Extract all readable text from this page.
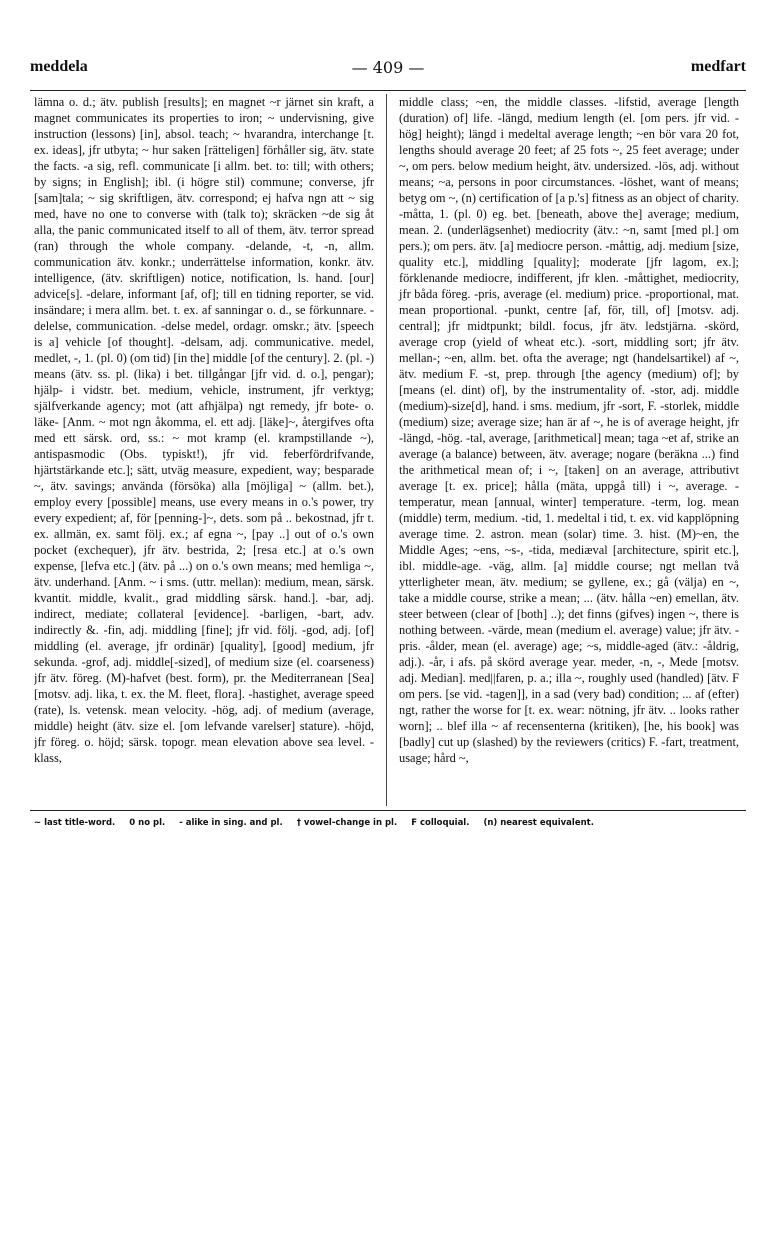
meddela	— 409 —	medfart

lämna o. d.; ätv. publish [results]; en magnet ~r järnet sin kraft, a magnet communicates its properties to iron; ~ undervisning, give instruction (lessons) [in], absol. teach; ~ hvarandra, interchange [t. ex. ideas], jfr utbyta; ~ hur saken [rätteligen] förhåller sig, ätv. state the facts. -a sig, refl. communicate [i allm. bet. to: till; with others; by signs; in English]; ibl. (i högre stil) commune; converse, jfr [sam]tala; ~ sig skriftligen, ätv. correspond; ej hafva ngn att ~ sig med, have no one to converse with (talk to); skräcken ~de sig åt alla, the panic communicated itself to all of them, ätv. terror spread (ran) through the whole company. -delande, -t, -n, allm. communication ätv. konkr.; underrättelse information, konkr. ätv. intelligence, (ätv. skriftligen) notice, notification, ls. hand. [our] advice[s]. -delare, informant [af, of]; till en tidning reporter, se vid. insändare; i mera allm. bet. t. ex. af sanningar o. d., se förkunnare. -delelse, communication. -delse medel, ordagr. omskr.; ätv. [speech is a] vehicle [of thought]. -delsam, adj. communicative. medel, medlet, -, 1. (pl. 0) (om tid) [in the] middle [of the century]. 2. (pl. -) means (ätv. ss. pl. (lika) i bet. tillgångar [jfr vid. d. o.], pengar); hjälp- i vidstr. bet. medium, vehicle, instrument, jfr verktyg; själfverkande agency; mot (att afhjälpa) ngt remedy, jfr bote- o. läke- [Anm. ~ mot ngn åkomma, el. ett adj. [läke]~, återgifves ofta med ett särsk. ord, ss.: ~ mot kramp (el. krampstillande ~), antispasmodic (Obs. typiskt!), jfr vid. feberfördrifvande, hjärtstärkande etc.]; sätt, utväg measure, expedient, way; besparade ~, ätv. savings; använda (försöka) alla [möjliga] ~ (allm. bet.), employ every [possible] means, use every means in o.'s power, try every expedient; af, för [penning-]~, dets. som på .. bekostnad, jfr t. ex. allmän, ex. samt följ. ex.; af egna ~, [pay ..] out of o.'s own pocket (exchequer), jfr ätv. bestrida, 2; [resa etc.] at o.'s own expense, [lefva etc.] (ätv. på ...) on o.'s own means; med hemliga ~, ätv. underhand. [Anm. ~ i sms. (uttr. mellan): medium, mean, särsk. kvantit. middle, kvalit., grad middling särsk. hand.]. -bar, adj. indirect, mediate; collateral [evidence]. -barligen, -bart, adv. indirectly &. -fin, adj. middling [fine]; jfr vid. följ. -god, adj. [of] middling (el. average, jfr ordinär) [quality], [good] medium, jfr sekunda. -grof, adj. middle[-sized], of medium size (el. coarseness) jfr ätv. föreg. (M)-hafvet (best. form), pr. the Mediterranean [Sea] [motsv. adj. lika, t. ex. the M. fleet, flora]. -hastighet, average speed (rate), ls. vetensk. mean velocity. -hög, adj. of medium (average, middle) height (ätv. size el. [om lefvande varelser] stature). -höjd, jfr föreg. o. höjd; särsk. topogr. mean elevation above sea level. -klass,

middle class; ~en, the middle classes. -lifstid, average [length (duration) of] life. -längd, medium length (el. [om pers. jfr vid. -hög] height); längd i medeltal average length; ~en bör vara 20 fot, lengths should average 20 feet; af 25 fots ~, 25 feet average; under ~, om pers. below medium height, ätv. undersized. -lös, adj. without means; ~a, persons in poor circumstances. -löshet, want of means; betyg om ~, (n) certification of [a p.'s] fitness as an object of charity. -måtta, 1. (pl. 0) eg. bet. [beneath, above the] average; medium, mean. 2. (underlägsenhet) mediocrity (ätv.: ~n, samt [med pl.] om pers.); om pers. ätv. [a] mediocre person. -måttig, adj. medium [size, quality etc.], middling [quality]; moderate [jfr lagom, ex.]; förklenande mediocre, indifferent, jfr klen. -måttighet, mediocrity, jfr båda föreg. -pris, average (el. medium) price. -proportional, mat. mean proportional. -punkt, centre [af, för, till, of] [motsv. adj. central]; jfr midtpunkt; bildl. focus, jfr ätv. ledstjärna. -skörd, average crop (yield of wheat etc.). -sort, middling sort; jfr ätv. mellan-; ~en, allm. bet. ofta the average; ngt (handelsartikel) af ~, ätv. medium F. -st, prep. through [the agency (medium) of]; by [means (el. dint) of], by the instrumentality of. -stor, adj. middle (medium)-size[d], hand. i sms. medium, jfr -sort, F. -storlek, middle (medium) size; average size; han är af ~, he is of average height, jfr -längd, -hög. -tal, average, [arithmetical] mean; taga ~et af, strike an average (a balance) between, ätv. average; nogare (beräkna ...) find the arithmetical mean of; i ~, [taken] on an average, attributivt average [t. ex. price]; hålla (mäta, uppgå till) i ~, average. -temperatur, mean [annual, winter] temperature. -term, log. mean (middle) term, medium. -tid, 1. medeltal i tid, t. ex. vid kapplöpning average time. 2. astron. mean (solar) time. 3. hist. (M)~en, the Middle Ages; ~ens, ~s-, -tida, mediæval [architecture, spirit etc.], ibl. middle-age. -väg, allm. [a] middle course; ngt mellan två ytterligheter mean, ätv. medium; se gyllene, ex.; gå (välja) en ~, take a middle course, strike a mean; ... (ätv. hålla ~en) emellan, ätv. steer between (clear of [both] ..); det finns (gifves) ingen ~, there is nothing between. -värde, mean (medium el. average) value; jfr ätv. -pris. -ålder, mean (el. average) age; ~s, middle-aged (ätv.: -åldrig, adj.). -år, i afs. på skörd average year. meder, -n, -, Mede [motsv. adj. Median]. med||faren, p. a.; illa ~, roughly used (handled) [ätv. F om pers. [se vid. -tagen]], in a sad (very bad) condition; ... af (efter) ngt, rather the worse for [t. ex. wear: nötning, jfr ätv. .. looks rather worn]; .. blef illa ~ af recensenterna (kritiken), [he, his book] was [badly] cut up (slashed) by the reviewers (critics) F. -fart, treatment, usage; hård ~,

~ last title-word. 0 no pl. - alike in sing. and pl. † vowel-change in pl. F colloquial. (n) nearest equivalent.
